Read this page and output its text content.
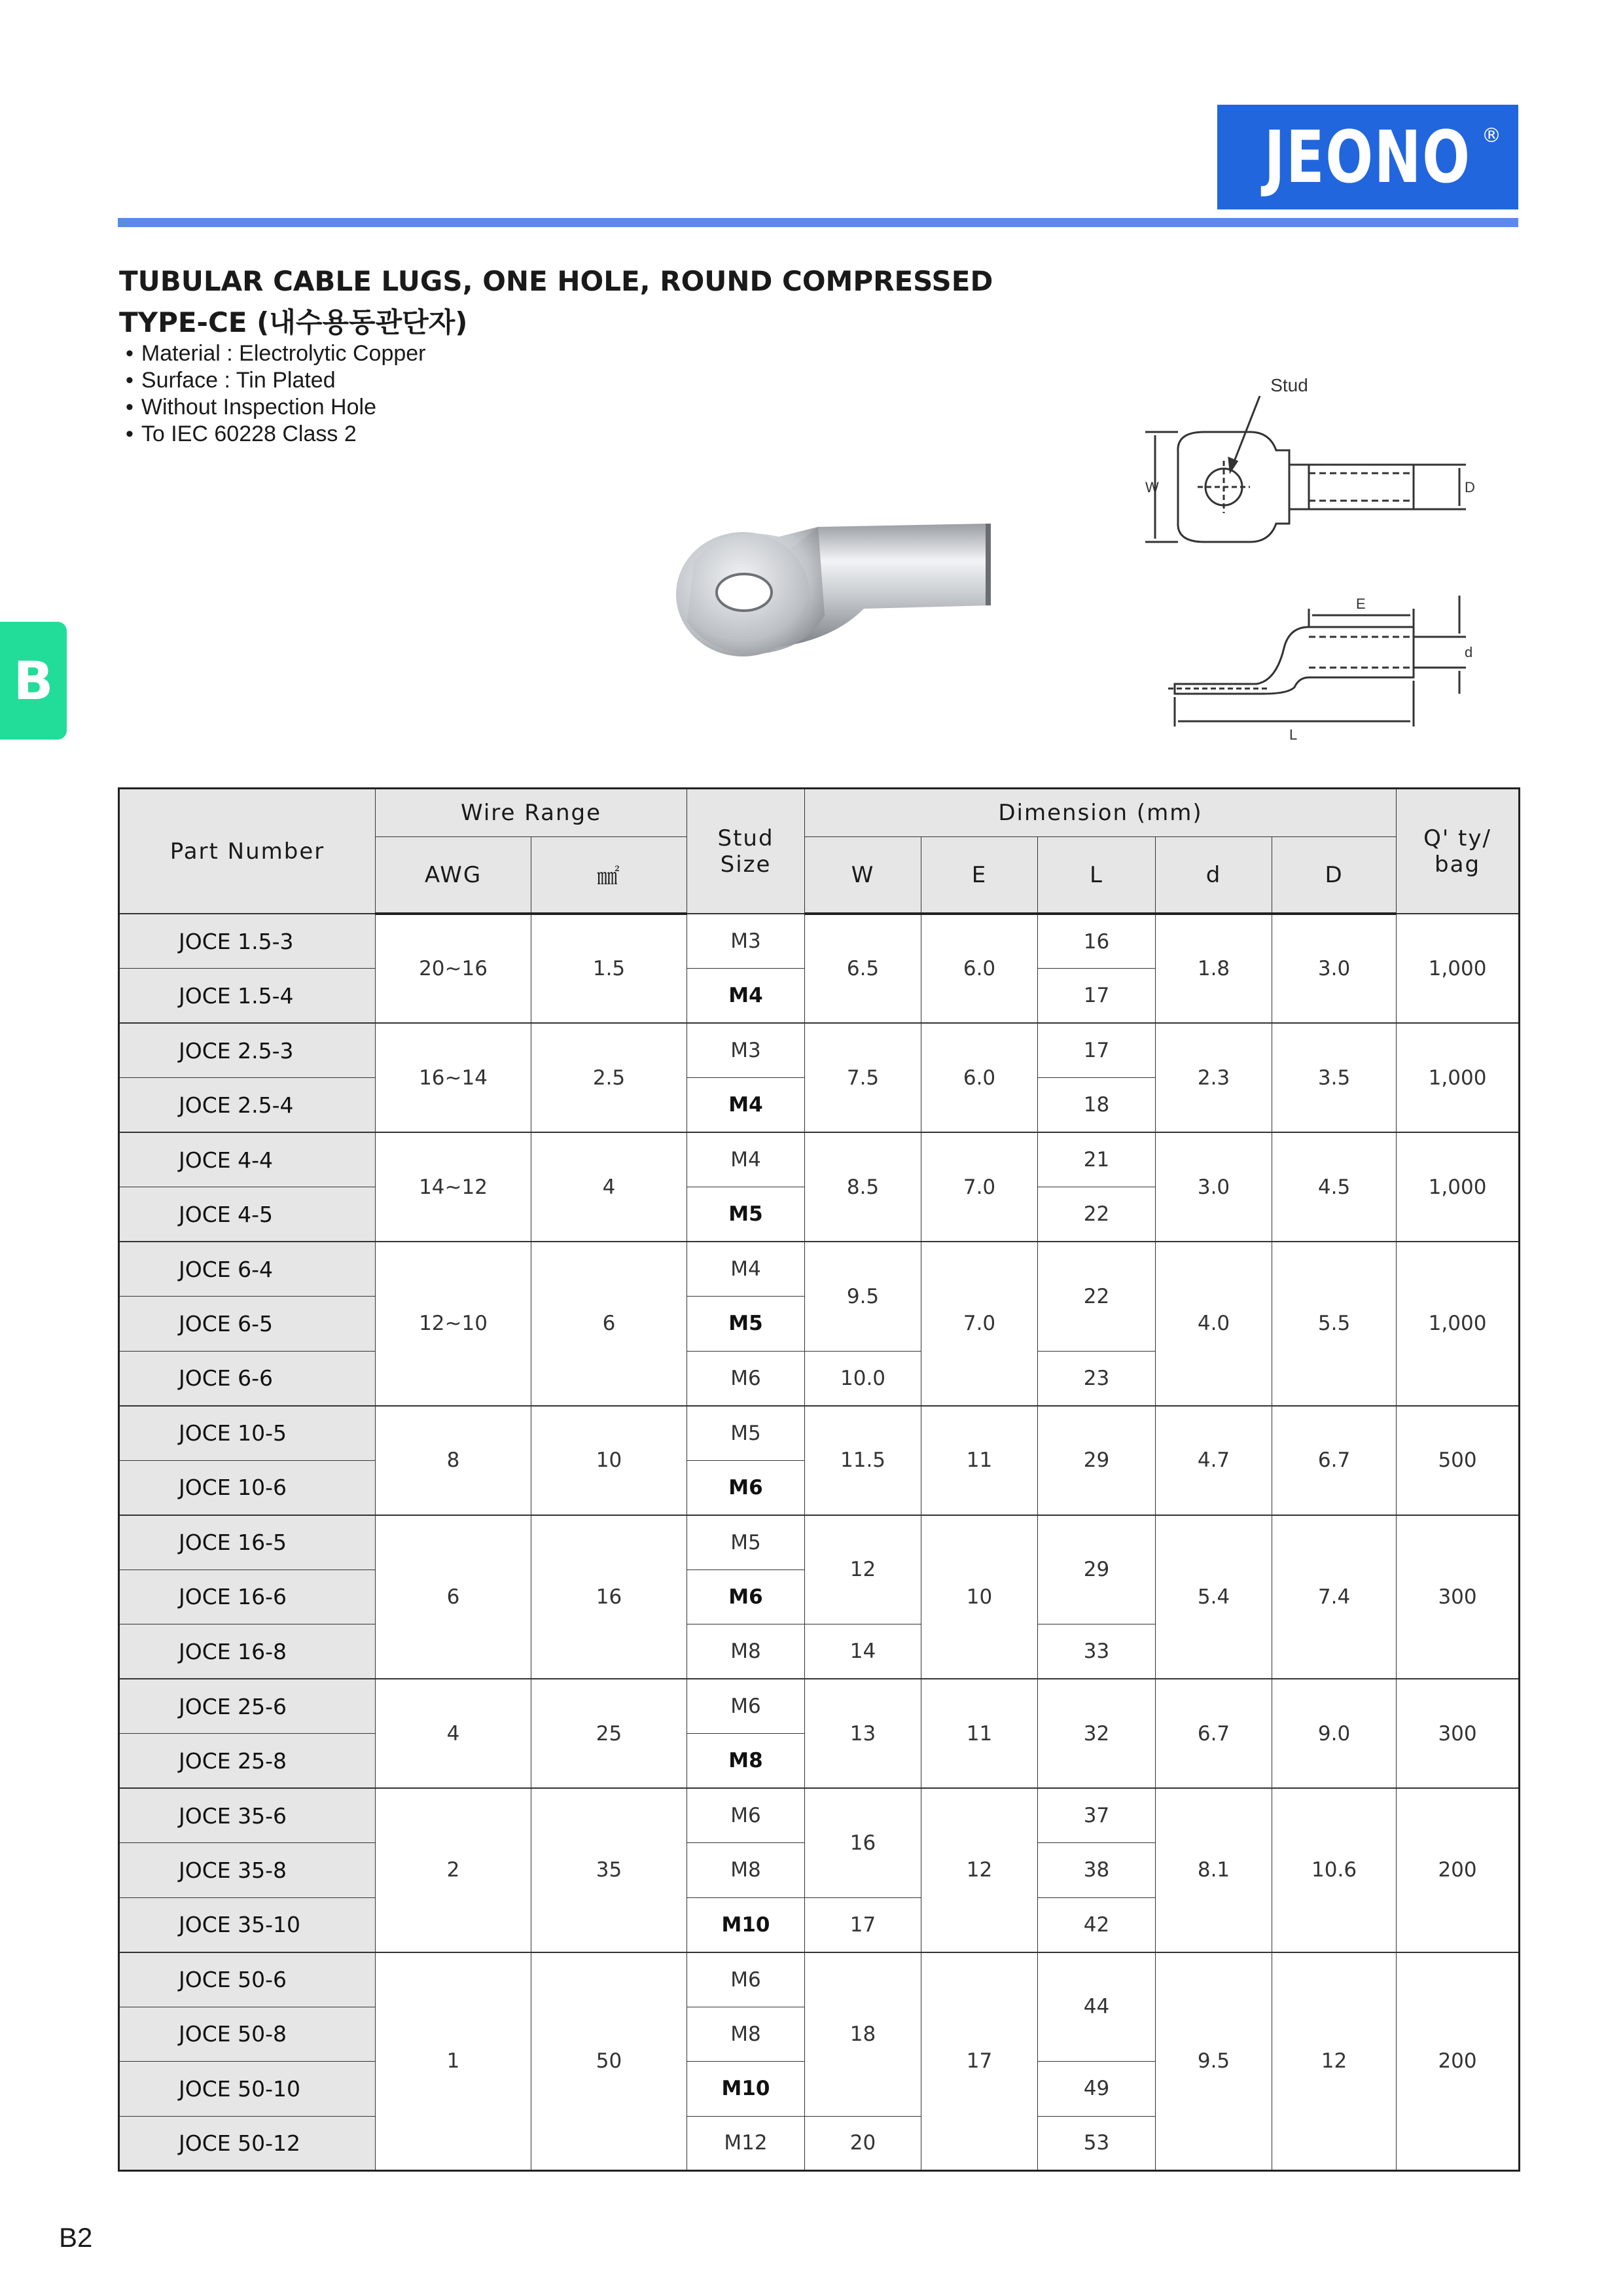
JEONO ®
TUBULAR CABLE LUGS, ONE HOLE, ROUND COMPRESSED
TYPE-CE (내수용동관단자)
• Material : Electrolytic Copper
• Surface : Tin Plated
• Without Inspection Hole
• To IEC 60228 Class 2
Stud
W	D
E
d
L
B
Part Number	Wire Range		Stud Size	Dimension (mm)					Q' ty/ bag
	AWG	㎟		W	E	L	d	D	
JOCE 1.5-3	20~16	1.5	M3	6.5	6.0	16	1.8	3.0	1,000
JOCE 1.5-4			M4			17			
JOCE 2.5-3	16~14	2.5	M3	7.5	6.0	17	2.3	3.5	1,000
JOCE 2.5-4			M4			18			
JOCE 4-4	14~12	4	M4	8.5	7.0	21	3.0	4.5	1,000
JOCE 4-5			M5			22			
JOCE 6-4	12~10	6	M4	9.5	7.0	22	4.0	5.5	1,000
JOCE 6-5			M5						
JOCE 6-6			M6	10.0		23			
JOCE 10-5	8	10	M5	11.5	11	29	4.7	6.7	500
JOCE 10-6			M6						
JOCE 16-5	6	16	M5	12	10	29	5.4	7.4	300
JOCE 16-6			M6						
JOCE 16-8			M8	14		33			
JOCE 25-6	4	25	M6	13	11	32	6.7	9.0	300
JOCE 25-8			M8						
JOCE 35-6	2	35	M6	16	12	37	8.1	10.6	200
JOCE 35-8			M8			38			
JOCE 35-10			M10	17		42			
JOCE 50-6	1	50	M6	18	17	44	9.5	12	200
JOCE 50-8			M8						
JOCE 50-10			M10			49			
JOCE 50-12			M12	20		53			
B2
